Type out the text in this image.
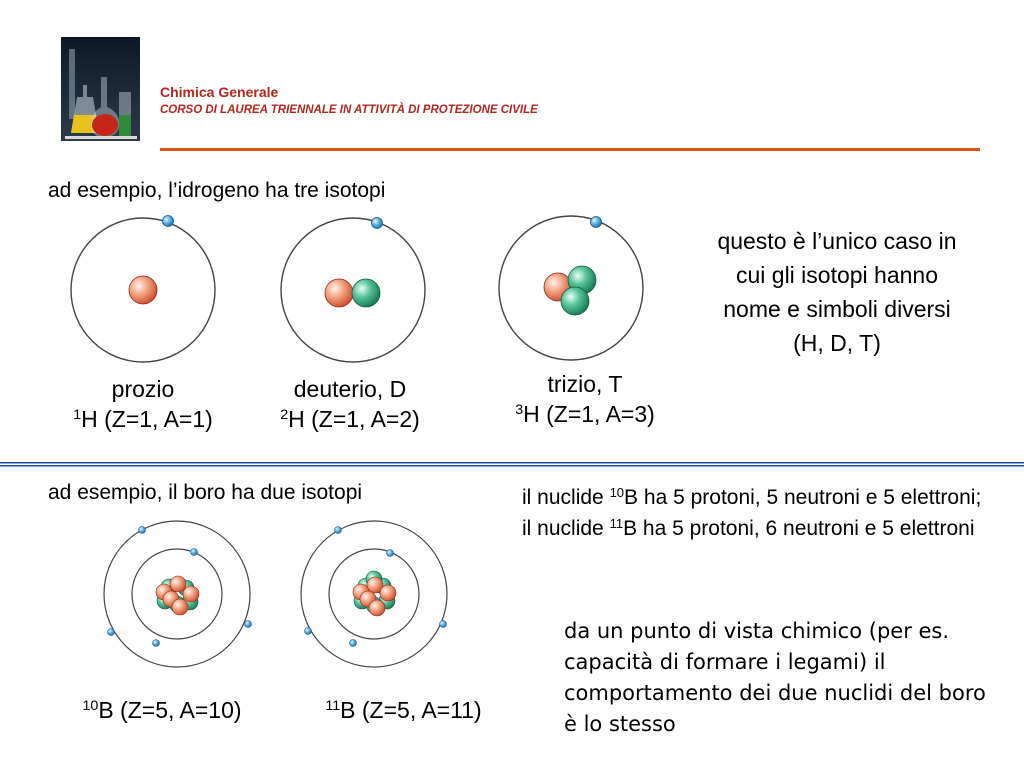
Chimica Generale
CORSO DI LAUREA TRIENNALE IN ATTIVITÀ DI PROTEZIONE CIVILE
ad esempio, l’idrogeno ha tre isotopi
prozio
$^1$H (Z=1, A=1)
deuterio, D
$^2$H (Z=1, A=2)
trizio, T
$^3$H (Z=1, A=3)
questo è l’unico caso in cui gli isotopi hanno nome e simboli diversi (H, D, T)
ad esempio, il boro ha due isotopi
$^{10}$B (Z=5, A=10)	$^{11}$B (Z=5, A=11)
il nuclide $^{10}$B ha 5 protoni, 5 neutroni e 5 elettroni; il nuclide $^{11}$B ha 5 protoni, 6 neutroni e 5 elettroni
da un punto di vista chimico (per es. capacità di formare i legami) il comportamento dei due nuclidi del boro è lo stesso
